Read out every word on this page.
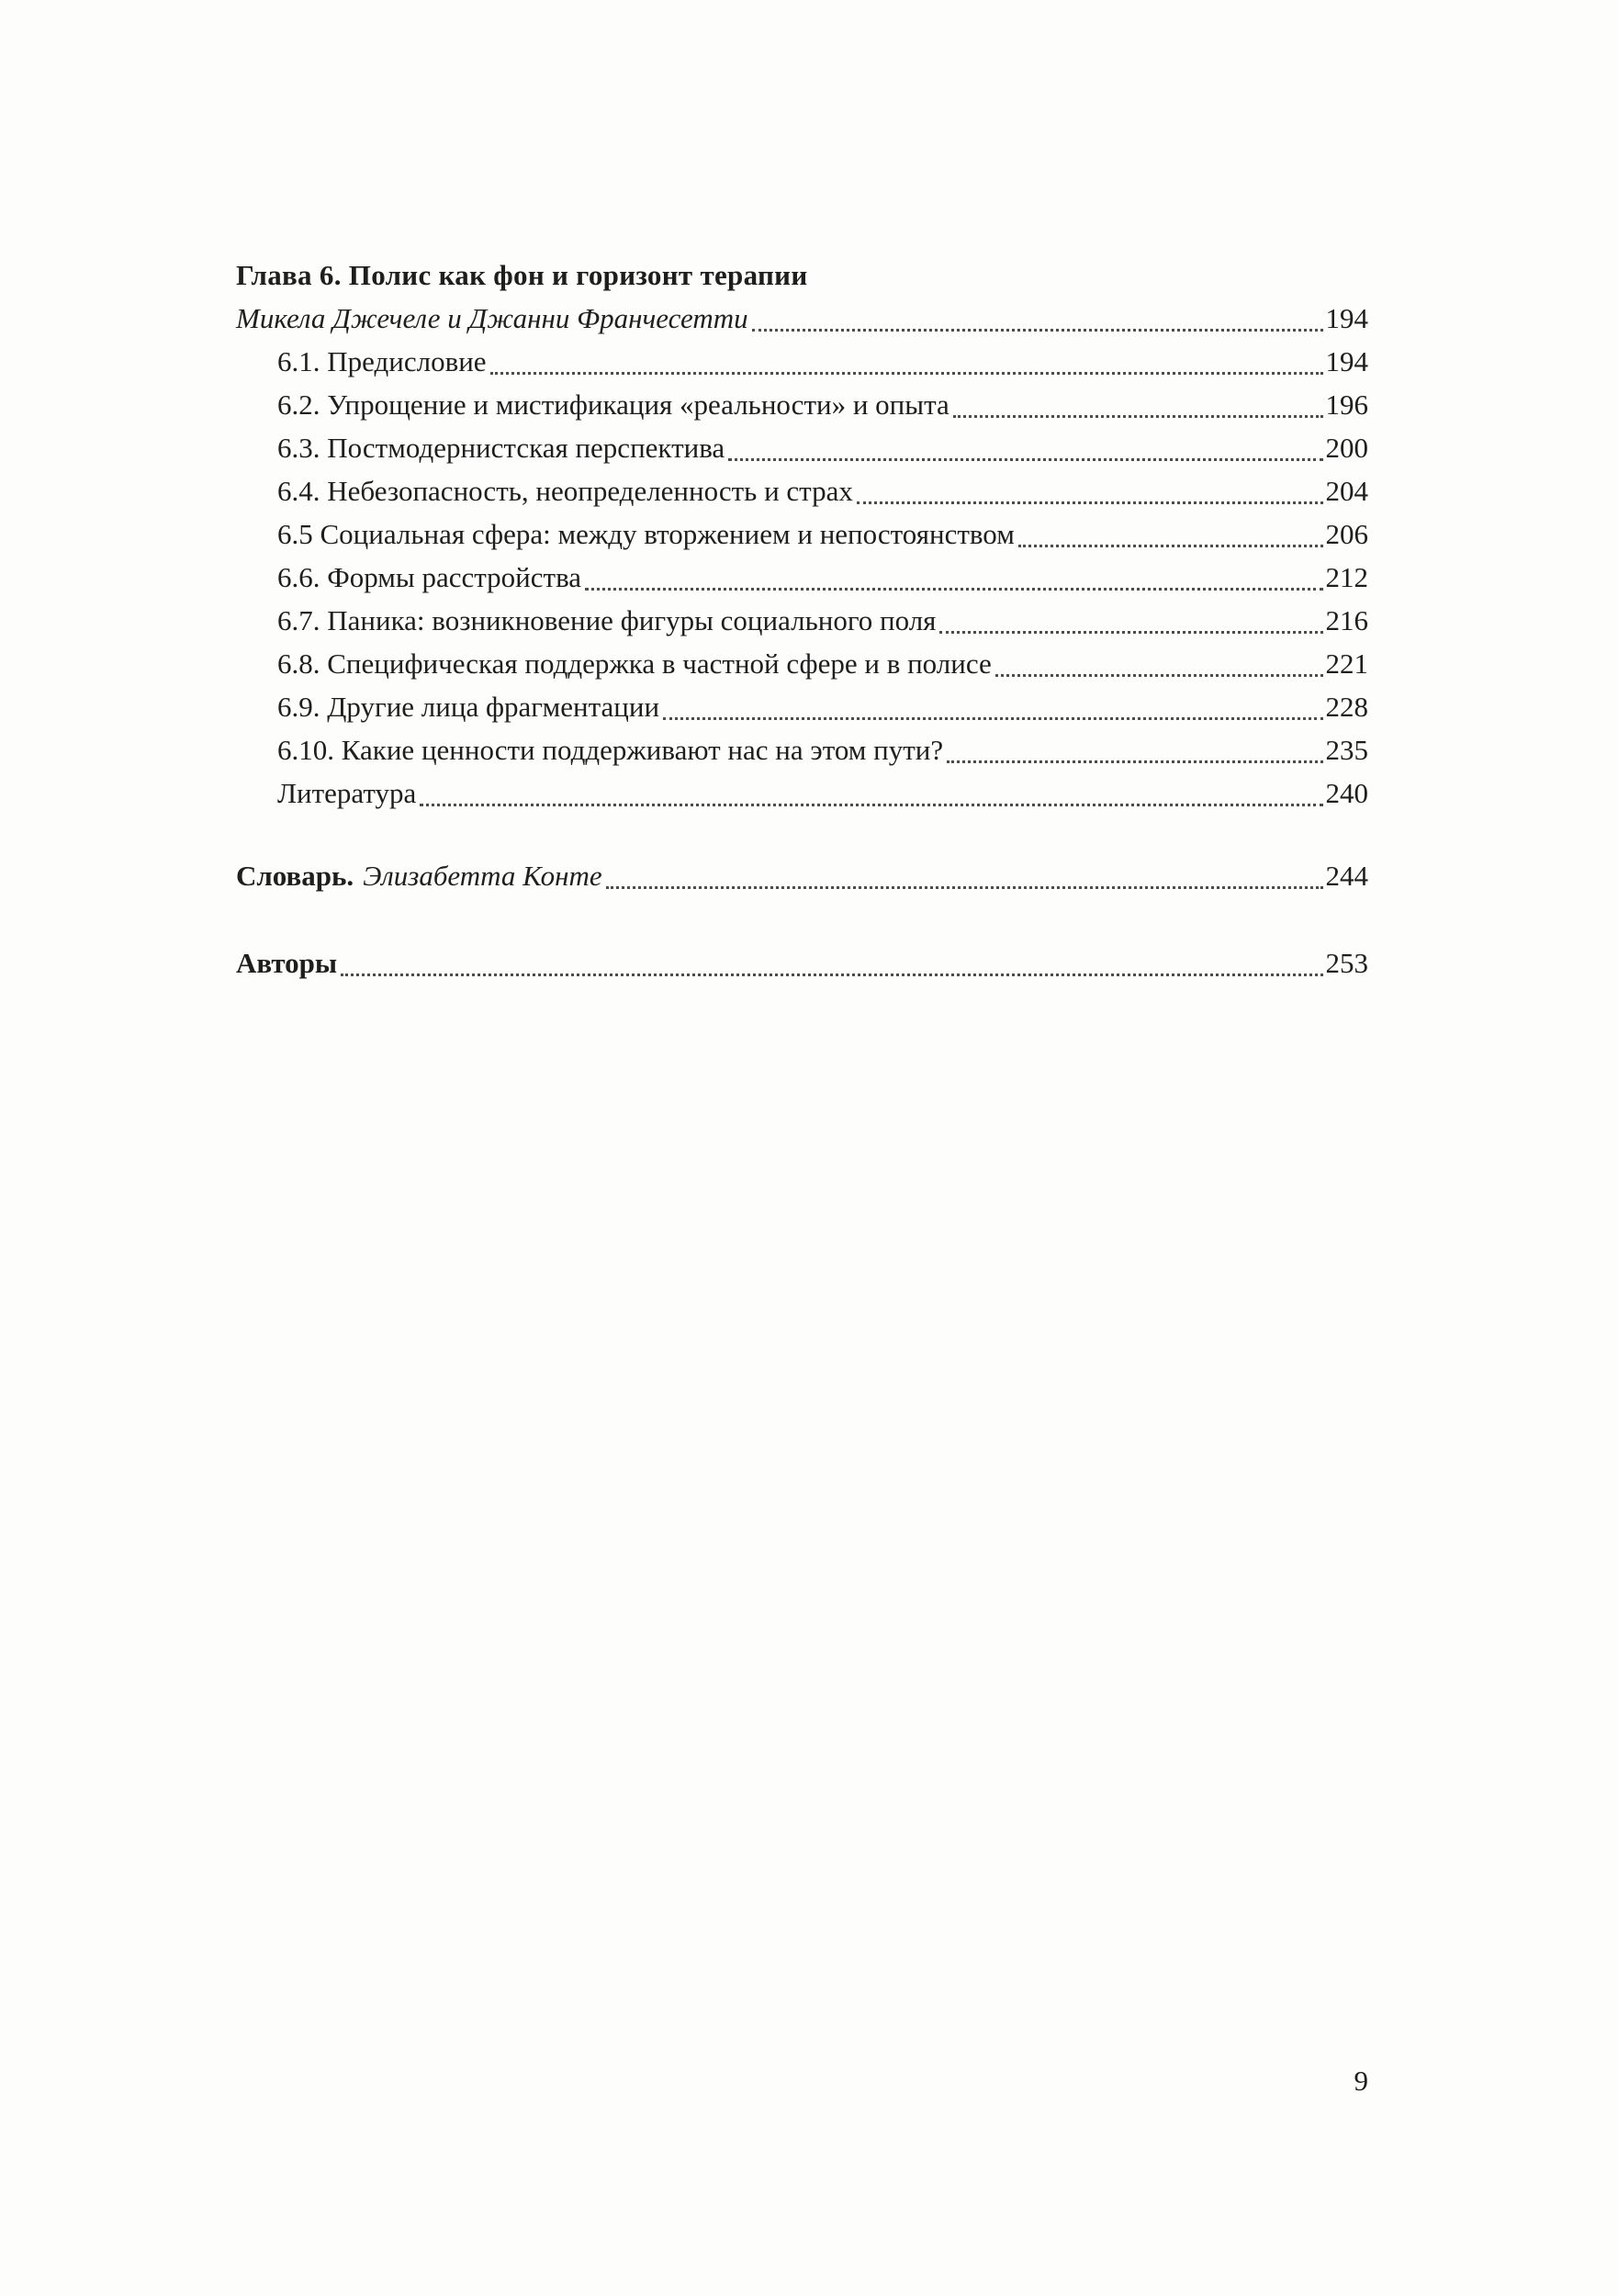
Глава 6. Полис как фон и горизонт терапии
Микела Джечеле и Джанни Франчесетти	194
6.1. Предисловие	194
6.2. Упрощение и мистификация «реальности» и опыта	196
6.3. Постмодернистская перспектива	200
6.4. Небезопасность, неопределенность и страх	204
6.5 Социальная сфера: между вторжением и непостоянством	206
6.6. Формы расстройства	212
6.7. Паника: возникновение фигуры социального поля	216
6.8. Специфическая поддержка в частной сфере и в полисе	221
6.9. Другие лица фрагментации	228
6.10. Какие ценности поддерживают нас на этом пути?	235
Литература	240
Словарь. Элизабетта Конте	244
Авторы	253
9
